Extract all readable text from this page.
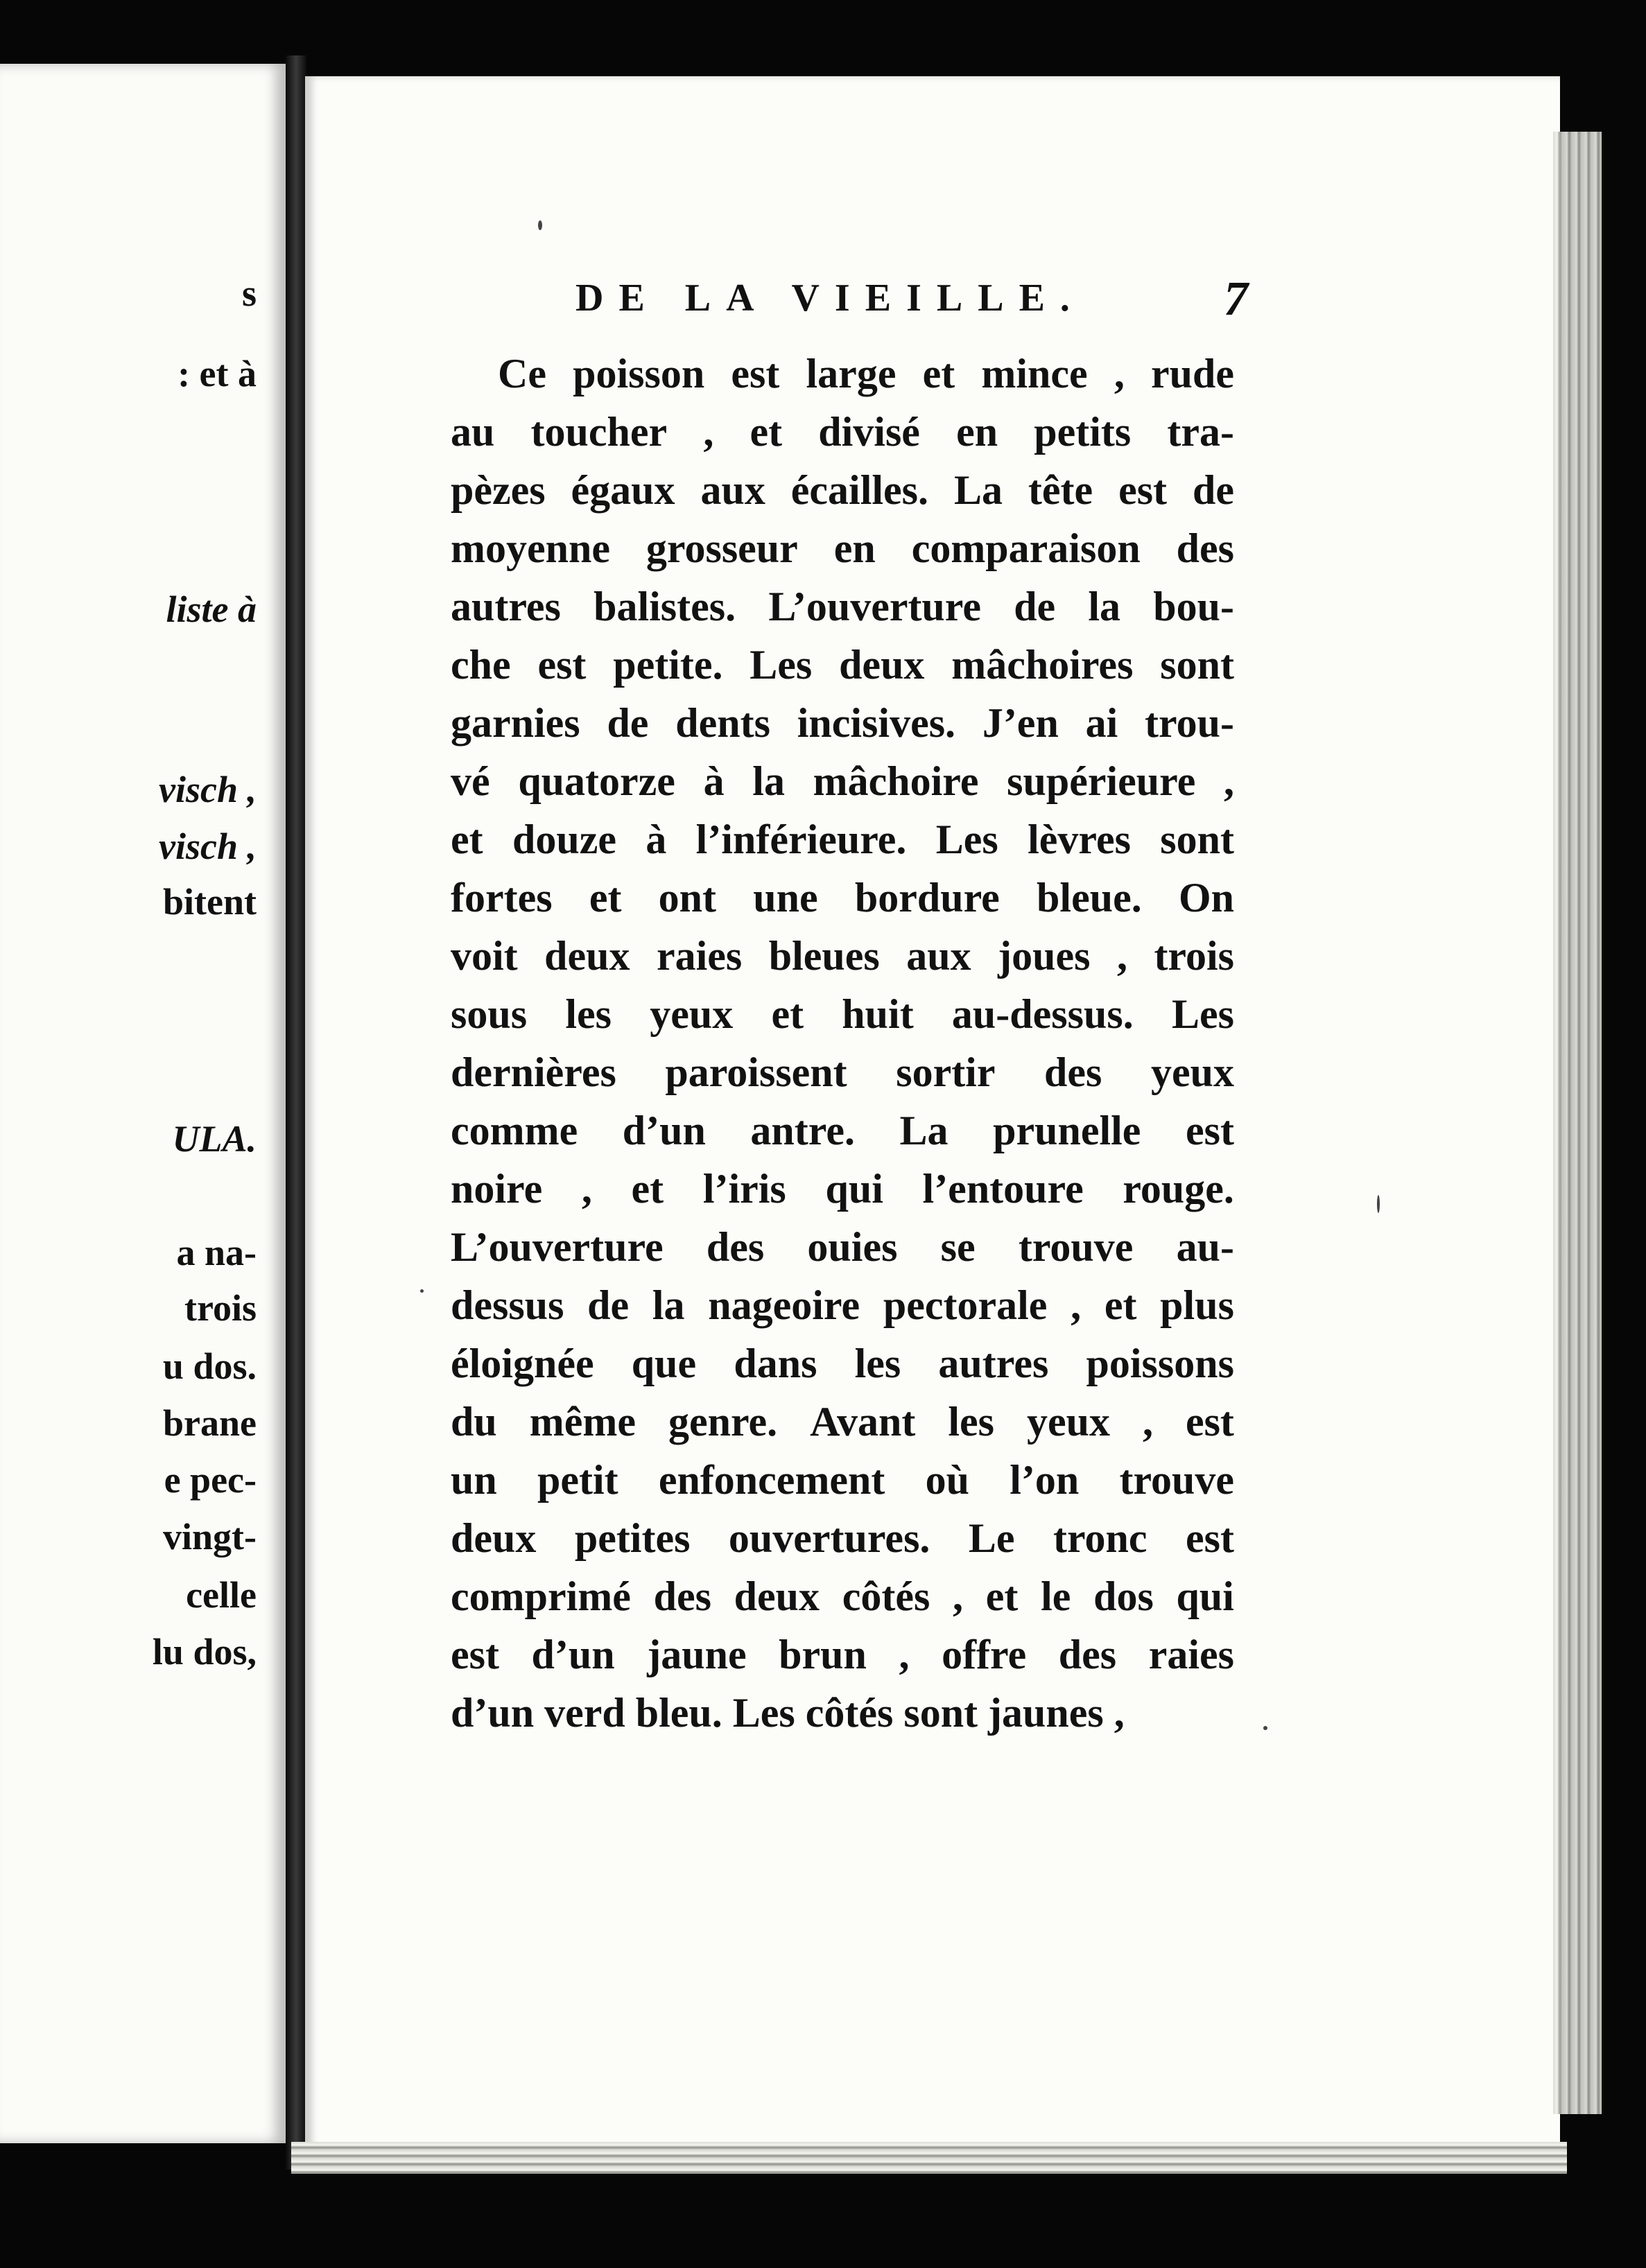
s

: et à

liste à

visch ,

visch ,

bitent

ULA.

a na-

trois

u dos.

brane

e pec-

vingt-

celle

lu dos,

DE LA VIEILLE.	7

Ce poisson est large et mince , rude
au toucher , et divisé en petits tra-
pèzes égaux aux écailles. La tête est de
moyenne grosseur en comparaison des
autres balistes. L’ouverture de la bou-
che est petite. Les deux mâchoires sont
garnies de dents incisives. J’en ai trou-
vé quatorze à la mâchoire supérieure ,
et douze à l’inférieure. Les lèvres sont
fortes et ont une bordure bleue. On
voit deux raies bleues aux joues , trois
sous les yeux et huit au-dessus. Les
dernières paroissent sortir des yeux
comme d’un antre. La prunelle est
noire , et l’iris qui l’entoure rouge.
L’ouverture des ouies se trouve au-
dessus de la nageoire pectorale , et plus
éloignée que dans les autres poissons
du même genre. Avant les yeux , est
un petit enfoncement où l’on trouve
deux petites ouvertures. Le tronc est
comprimé des deux côtés , et le dos qui
est d’un jaune brun , offre des raies
d’un verd bleu. Les côtés sont jaunes ,
